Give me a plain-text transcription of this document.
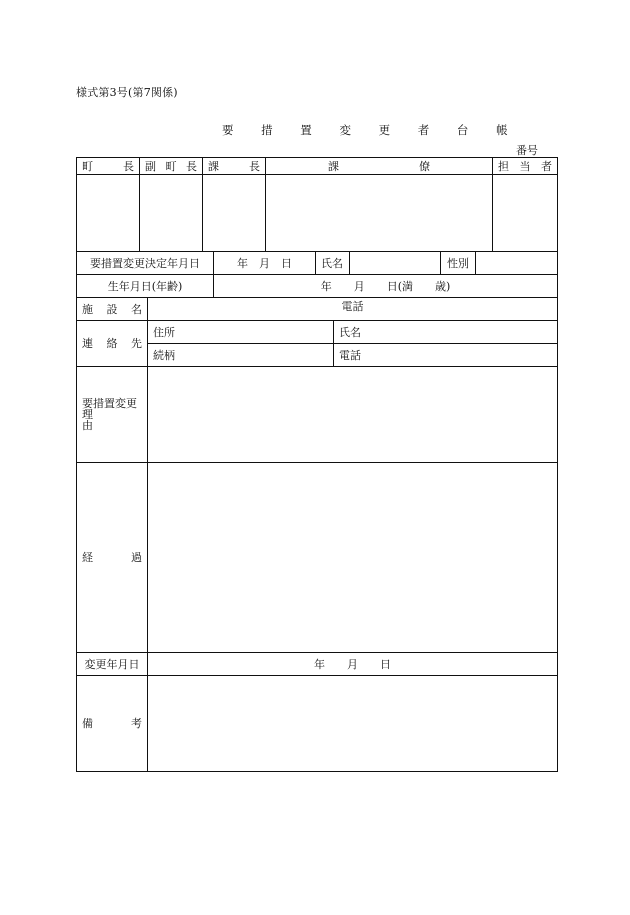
様式第3号(第7関係)
要 措 置 変 更 者 台 帳
番号
町 長	副 町 長	課 長	課 僚	担 当 者

要措置変更決定年月日	年　月　日	氏名		性別	
生年月日(年齢)	年　　月　　日(満　　歳)
施 設 名	電話	

連 絡 先	住所	氏名
	続柄	電話

要措置変更
理
由		

経 過		

変更年月日	年　　月　　日	

備 考		
